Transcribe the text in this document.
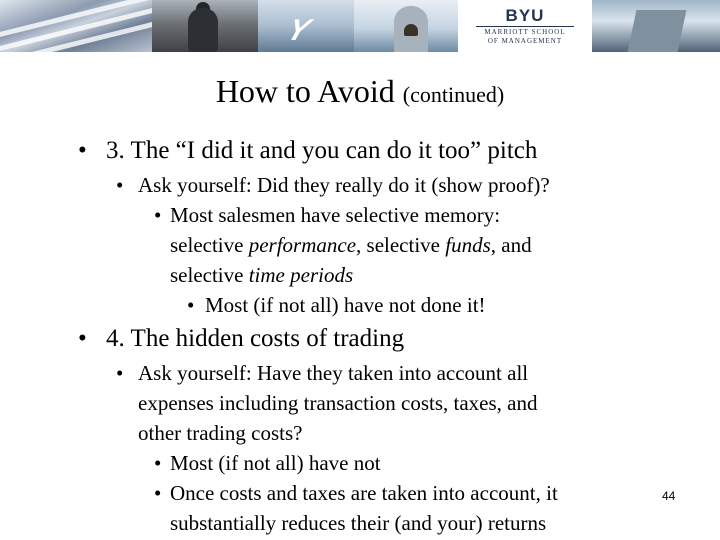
Y	BYU
MARRIOTT SCHOOL
OF MANAGEMENT
How to Avoid (continued)
• 3. The “I did it and you can do it too” pitch
• Ask yourself: Did they really do it (show proof)?
• Most salesmen have selective memory:
selective performance, selective funds, and
selective time periods
• Most (if not all) have not done it!
• 4. The hidden costs of trading
• Ask yourself: Have they taken into account all
expenses including transaction costs, taxes, and
other trading costs?
• Most (if not all) have not
• Once costs and taxes are taken into account, it
substantially reduces their (and your) returns
44
